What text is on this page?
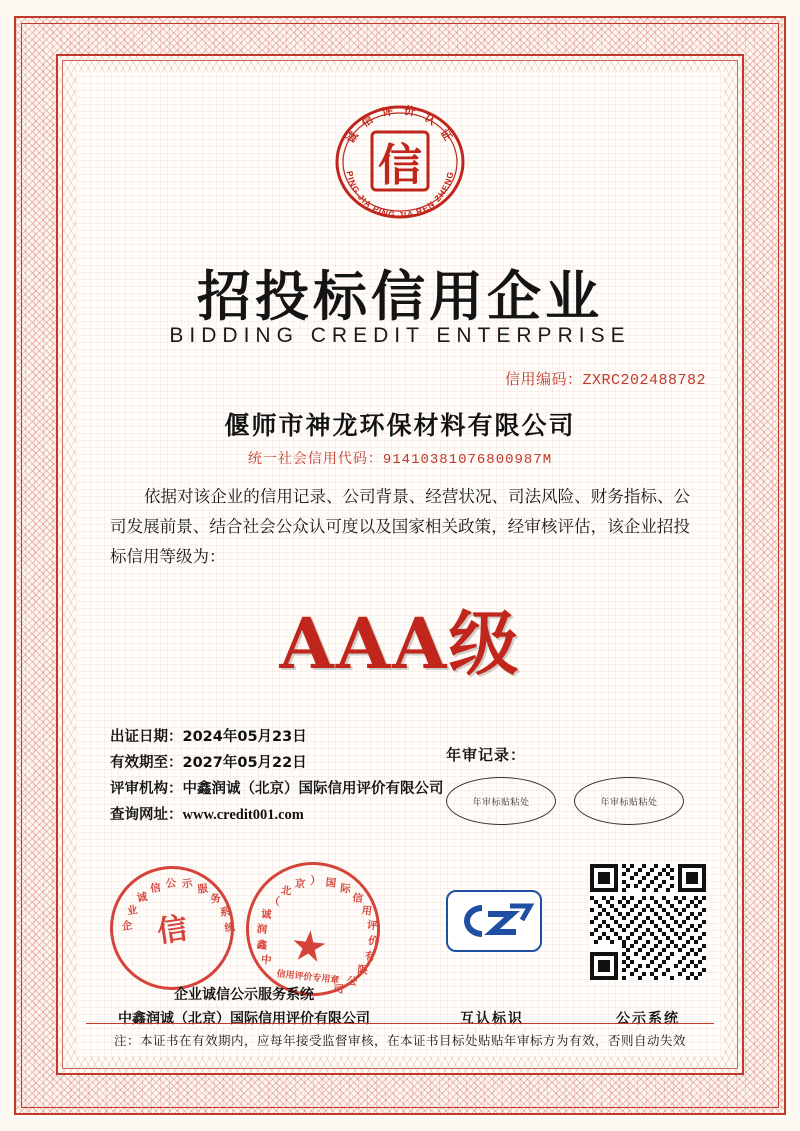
信
诚 信 评 价 认 证
PING JIA PING JIA REN ZHENG
招投标信用企业
BIDDING CREDIT ENTERPRISE
信用编码：ZXRC202488782
偃师市神龙环保材料有限公司
统一社会信用代码：91410381076800987M
依据对该企业的信用记录、公司背景、经营状况、司法风险、财务指标、公司发展前景、结合社会公众认可度以及国家相关政策，经审核评估，该企业招投标信用等级为：
AAA级
出证日期：2024年05月23日
有效期至：2027年05月22日
评审机构：中鑫润诚（北京）国际信用评价有限公司
查询网址：www.credit001.com
年审记录：
年审标贴粘处	年审标贴粘处
企
业
诚
信 公 示 服
务
系
统
信
中
鑫
润
诚
（
北
京 ） 国 际
信
用
评
价
有
限
公
司
信用评价专用章
企业诚信公示服务系统
中鑫润诚（北京）国际信用评价有限公司	互认标识	公示系统
注：本证书在有效期内，应每年接受监督审核，在本证书目标处贴贴年审标方为有效，否则自动失效
